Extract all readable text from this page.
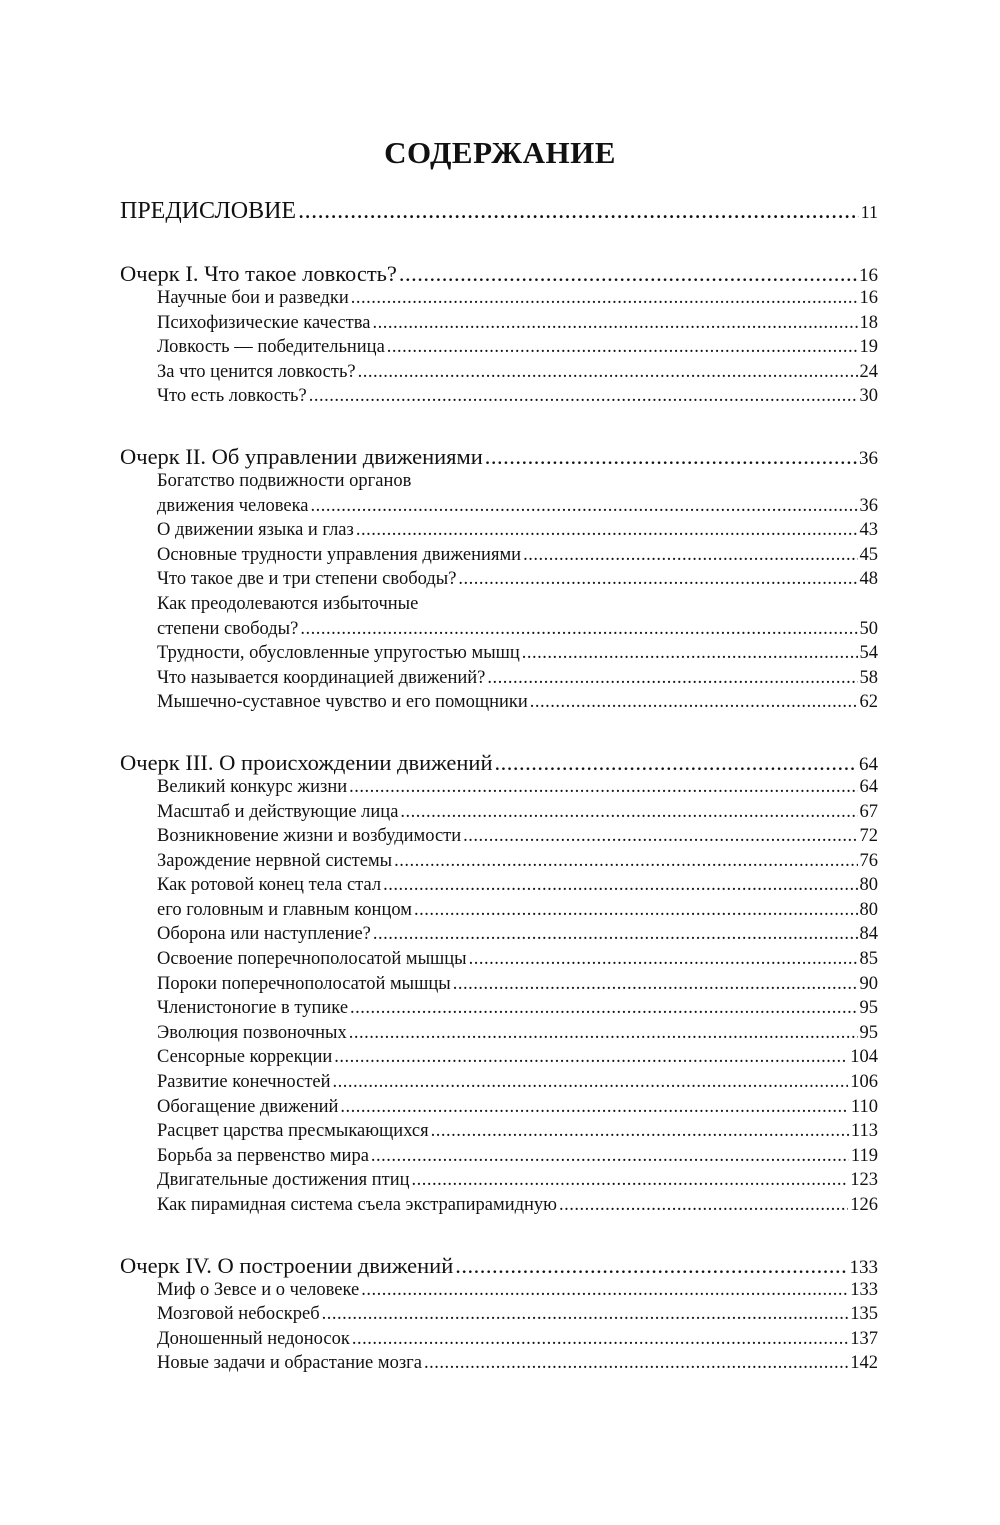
СОДЕРЖАНИЕ
ПРЕДИСЛОВИЕ .....	11
Очерк I. Что такое ловкость? .....	16
Научные бои и разведки .....	16
Психофизические качества .....	18
Ловкость — победительница .....	19
За что ценится ловкость? .....	24
Что есть ловкость? .....	30
Очерк II. Об управлении движениями .....	36
Богатство подвижности органов
движения человека .....	36
О движении языка и глаз .....	43
Основные трудности управления движениями .....	45
Что такое две и три степени свободы? .....	48
Как преодолеваются избыточные
степени свободы? .....	50
Трудности, обусловленные упругостью мышц .....	54
Что называется координацией движений? .....	58
Мышечно-суставное чувство и его помощники .....	62
Очерк III. О происхождении движений .....	64
Великий конкурс жизни .....	64
Масштаб и действующие лица .....	67
Возникновение жизни и возбудимости .....	72
Зарождение нервной системы .....	76
Как ротовой конец тела стал .....	80
его головным и главным концом .....	80
Оборона или наступление? .....	84
Освоение поперечнополосатой мышцы .....	85
Пороки поперечнополосатой мышцы .....	90
Членистоногие в тупике .....	95
Эволюция позвоночных .....	95
Сенсорные коррекции .....	104
Развитие конечностей .....	106
Обогащение движений .....	110
Расцвет царства пресмыкающихся .....	113
Борьба за первенство мира .....	119
Двигательные достижения птиц .....	123
Как пирамидная система съела экстрапирамидную .....	126
Очерк IV. О построении движений .....	133
Миф о Зевсе и о человеке .....	133
Мозговой небоскреб .....	135
Доношенный недоносок .....	137
Новые задачи и обрастание мозга .....	142
